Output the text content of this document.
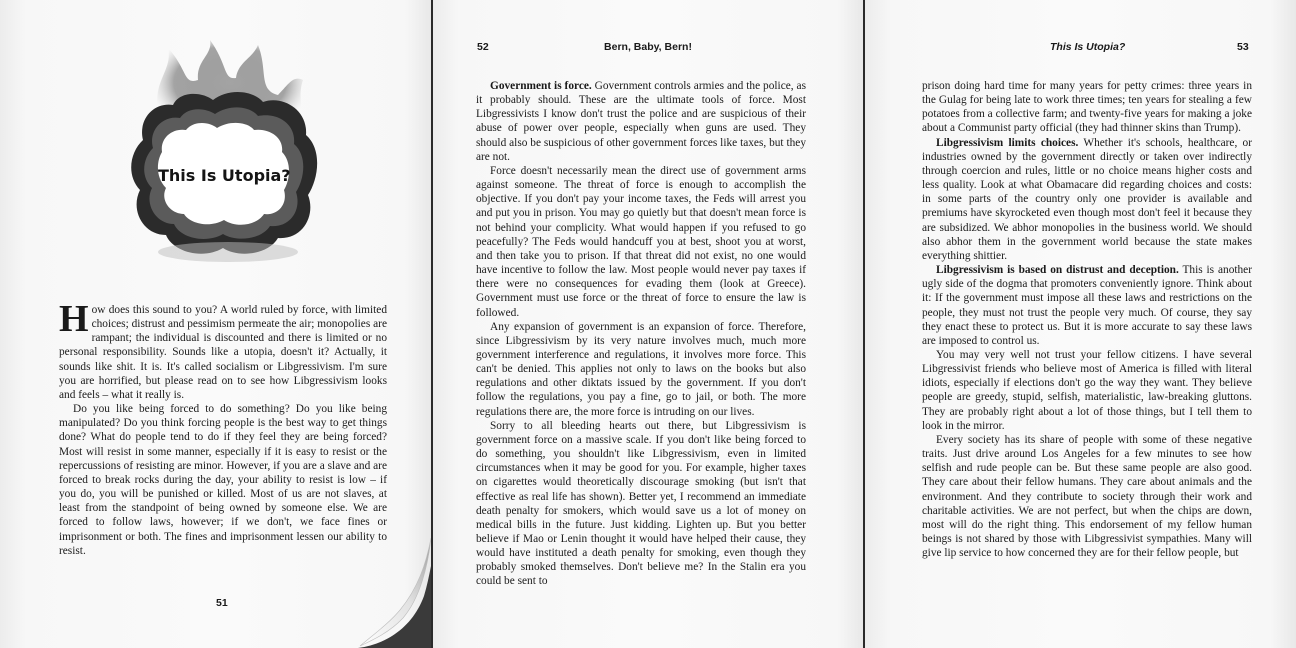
This Is Utopia?

How does this sound to you? A world ruled by force, with limited choices; distrust and pessimism permeate the air; monopolies are rampant; the individual is discounted and there is limited or no personal responsibility. Sounds like a utopia, doesn't it? Actually, it sounds like shit. It is. It's called socialism or Libgressivism. I'm sure you are horrified, but please read on to see how Libgressivism looks and feels – what it really is.

Do you like being forced to do something? Do you like being manipulated? Do you think forcing people is the best way to get things done? What do people tend to do if they feel they are being forced? Most will resist in some manner, especially if it is easy to resist or the repercussions of resisting are minor. However, if you are a slave and are forced to break rocks during the day, your ability to resist is low – if you do, you will be punished or killed. Most of us are not slaves, at least from the standpoint of being owned by someone else. We are forced to follow laws, however; if we don't, we face fines or imprisonment or both. The fines and imprisonment lessen our ability to resist.

51
52	Bern, Baby, Bern!

Government is force. Government controls armies and the police, as it probably should. These are the ultimate tools of force. Most Libgressivists I know don't trust the police and are suspicious of their abuse of power over people, especially when guns are used. They should also be suspicious of other government forces like taxes, but they are not.

Force doesn't necessarily mean the direct use of government arms against someone. The threat of force is enough to accomplish the objective. If you don't pay your income taxes, the Feds will arrest you and put you in prison. You may go quietly but that doesn't mean force is not behind your complicity. What would happen if you refused to go peacefully? The Feds would handcuff you at best, shoot you at worst, and then take you to prison. If that threat did not exist, no one would have incentive to follow the law. Most people would never pay taxes if there were no consequences for evading them (look at Greece). Government must use force or the threat of force to ensure the law is followed.

Any expansion of government is an expansion of force. Therefore, since Libgressivism by its very nature involves much, much more government interference and regulations, it involves more force. This can't be denied. This applies not only to laws on the books but also regulations and other diktats issued by the government. If you don't follow the regulations, you pay a fine, go to jail, or both. The more regulations there are, the more force is intruding on our lives.

Sorry to all bleeding hearts out there, but Libgressivism is government force on a massive scale. If you don't like being forced to do something, you shouldn't like Libgressivism, even in limited circumstances when it may be good for you. For example, higher taxes on cigarettes would theoretically discourage smoking (but isn't that effective as real life has shown). Better yet, I recommend an immediate death penalty for smokers, which would save us a lot of money on medical bills in the future. Just kidding. Lighten up. But you better believe if Mao or Lenin thought it would have helped their cause, they would have instituted a death penalty for smoking, even though they probably smoked themselves. Don't believe me? In the Stalin era you could be sent to

This Is Utopia?	53

prison doing hard time for many years for petty crimes: three years in the Gulag for being late to work three times; ten years for stealing a few potatoes from a collective farm; and twenty-five years for making a joke about a Communist party official (they had thinner skins than Trump).

Libgressivism limits choices. Whether it's schools, healthcare, or industries owned by the government directly or taken over indirectly through coercion and rules, little or no choice means higher costs and less quality. Look at what Obamacare did regarding choices and costs: in some parts of the country only one provider is available and premiums have skyrocketed even though most don't feel it because they are subsidized. We abhor monopolies in the business world. We should also abhor them in the government world because the state makes everything shittier.

Libgressivism is based on distrust and deception. This is another ugly side of the dogma that promoters conveniently ignore. Think about it: If the government must impose all these laws and restrictions on the people, they must not trust the people very much. Of course, they say they enact these to protect us. But it is more accurate to say these laws are imposed to control us.

You may very well not trust your fellow citizens. I have several Libgressivist friends who believe most of America is filled with literal idiots, especially if elections don't go the way they want. They believe people are greedy, stupid, selfish, materialistic, law-breaking gluttons. They are probably right about a lot of those things, but I tell them to look in the mirror.

Every society has its share of people with some of these negative traits. Just drive around Los Angeles for a few minutes to see how selfish and rude people can be. But these same people are also good. They care about their fellow humans. They care about animals and the environment. And they contribute to society through their work and charitable activities. We are not perfect, but when the chips are down, most will do the right thing. This endorsement of my fellow human beings is not shared by those with Libgressivist sympathies. Many will give lip service to how concerned they are for their fellow people, but
